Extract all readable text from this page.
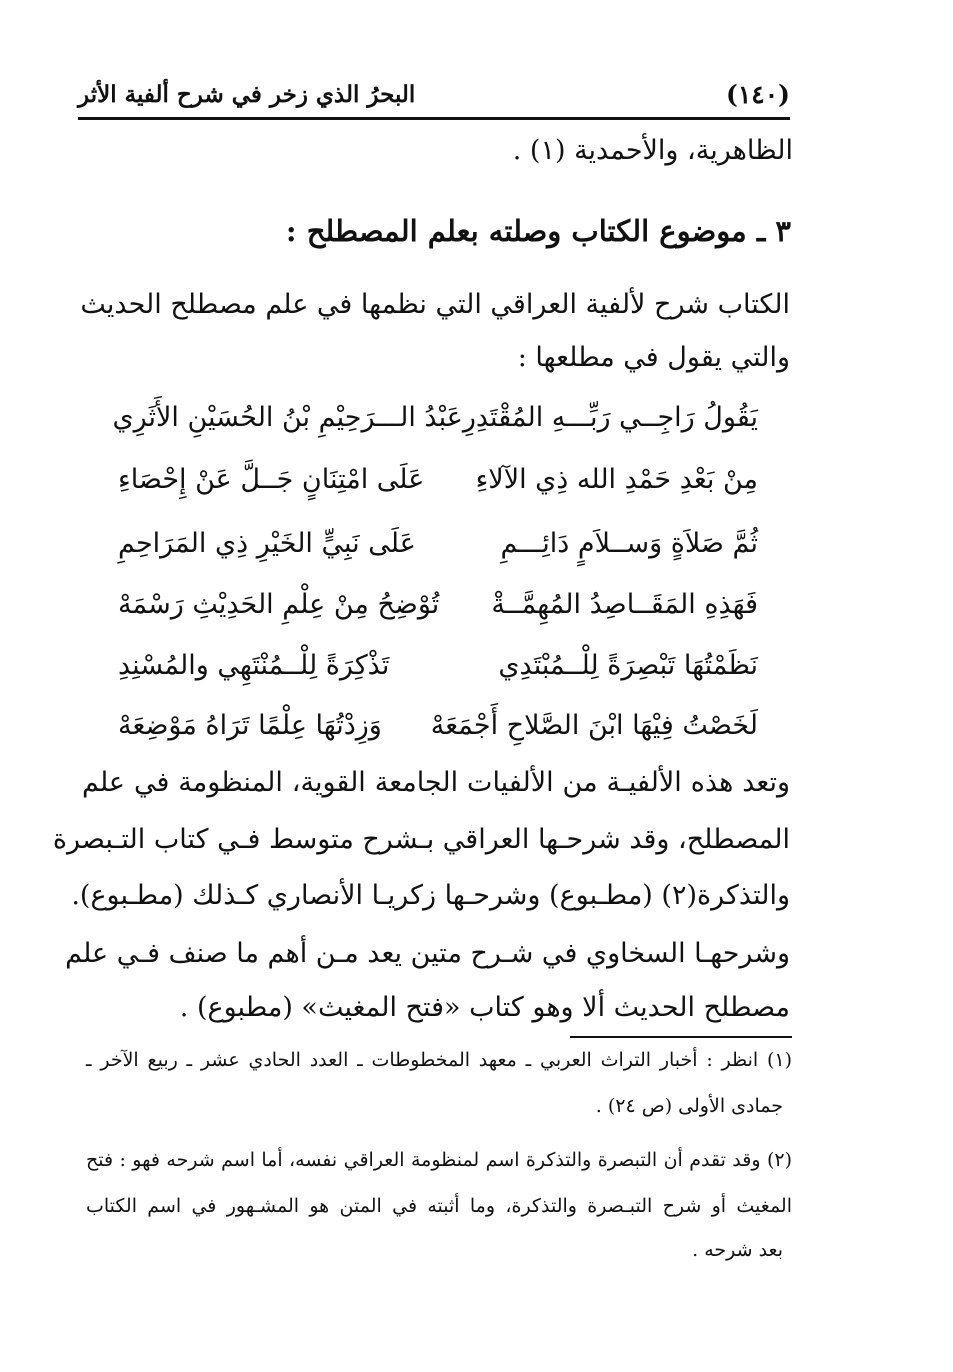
(١٤٠)
البحرُ الذي زخر في شرح ألفية الأثر
الظاهرية، والأحمدية (١) .
٣ ـ موضوع الكتاب وصلته بعلم المصطلح :
الكتاب شرح لألفية العراقي التي نظمها في علم مصطلح الحديث
والتي يقول في مطلعها :
يَقُولُ رَاجِــي رَبِّـــهِ المُقْتَدِرِ
عَبْدُ الـــرَحِيْمِ بْنُ الحُسَيْنِ الأَثَرِي
مِنْ بَعْدِ حَمْدِ الله ذِي الآلاءِ
عَلَى امْتِنَانٍ جَــلَّ عَنْ إِحْصَاءِ
ثُمَّ صَلاَةٍ وَســلاَمٍ دَائِـــمِ
عَلَى نَبِيٍّ الخَيْرِ ذِي المَرَاحِمِ
فَهَذِهِ المَقَــاصِدُ المُهِمَّــةْ
تُوْضِحُ مِنْ عِلْمِ الحَدِيْثِ رَسْمَهْ
نَظَمْتُهَا تَبْصِرَةً لِلْــمُبْتَدِي
تَذْكِرَةً لِلْــمُنْتَهِي والمُسْنِدِ
لَخَصْتُ فِيْهَا ابْنَ الصَّلاحِ أَجْمَعَهْ
وَزِدْتُهَا عِلْمًا تَرَاهُ مَوْضِعَهْ
وتعد هذه الألفيـة من الألفيات الجامعة القوية، المنظومة في علم
المصطلح، وقد شرحـها العراقي بـشرح متوسط فـي كتاب التـبصرة
والتذكرة(٢) (مطـبوع) وشرحـها زكريـا الأنصاري كـذلك (مطـبوع).
وشرحهـا السخاوي في شـرح متين يعد مـن أهم ما صنف فـي علم
مصطلح الحديث ألا وهو كتاب «فتح المغيث» (مطبوع) .
(١) انظر : أخبار التراث العربي ـ معهد المخطوطات ـ العدد الحادي عشر ـ ربيع الآخر ـ
جمادى الأولى (ص ٢٤) .
(٢) وقد تقدم أن التبصرة والتذكرة اسم لمنظومة العراقي نفسه، أما اسم شرحه فهو : فتح
المغيث أو شرح التبـصرة والتذكرة، وما أثبته في المتن هو المشـهور في اسم الكتاب
بعد شرحه .
